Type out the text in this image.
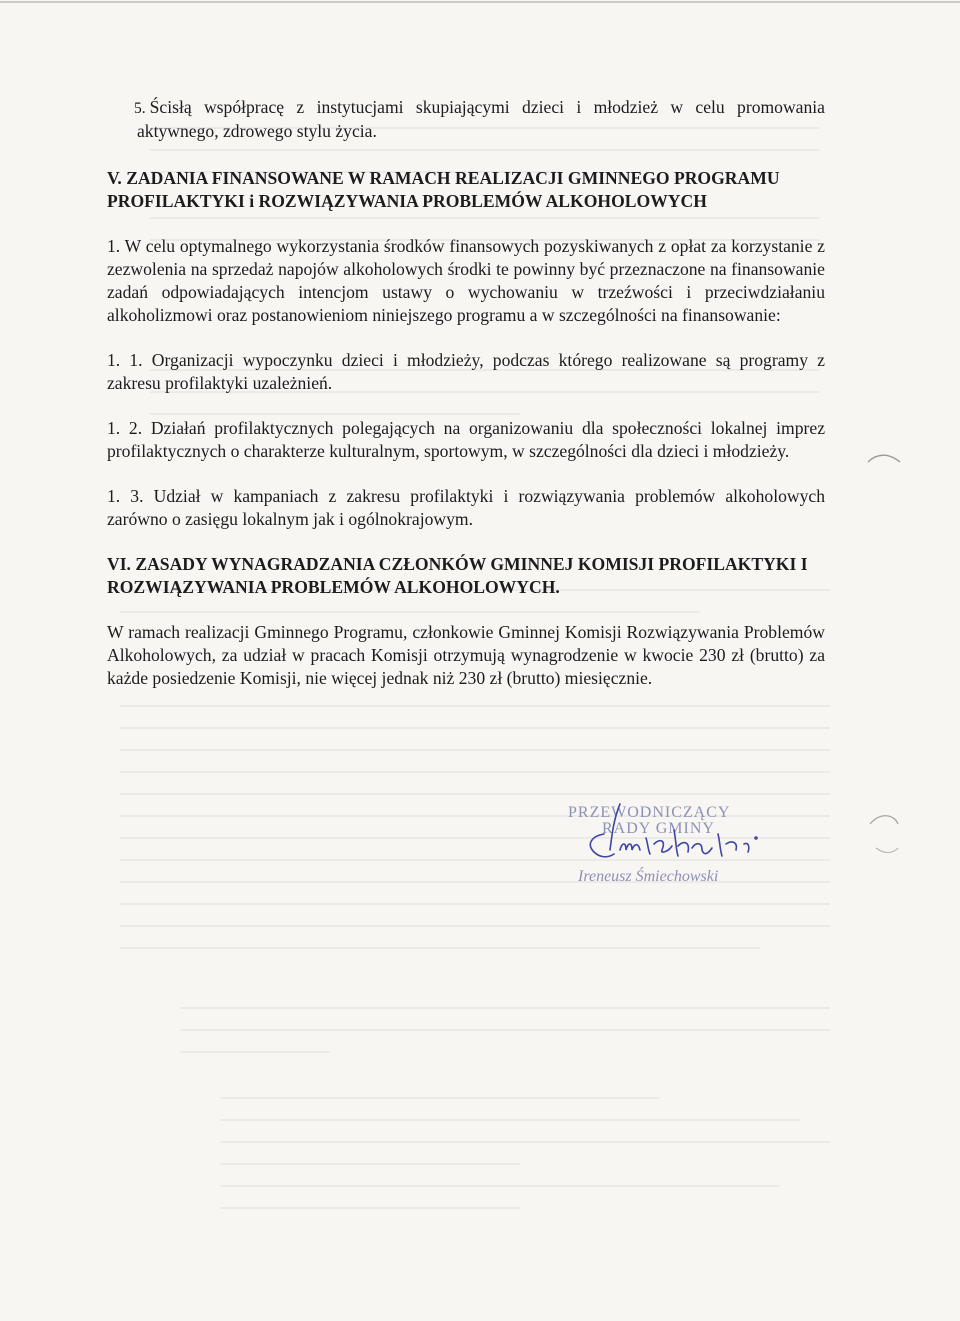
5. Ścisłą współpracę z instytucjami skupiającymi dzieci i młodzież w celu promowania aktywnego, zdrowego stylu życia.

V. ZADANIA FINANSOWANE W RAMACH REALIZACJI GMINNEGO PROGRAMU PROFILAKTYKI i ROZWIĄZYWANIA PROBLEMÓW ALKOHOLOWYCH

1. W celu optymalnego wykorzystania środków finansowych pozyskiwanych z opłat za korzystanie z zezwolenia na sprzedaż napojów alkoholowych środki te powinny być przeznaczone na finansowanie zadań odpowiadających intencjom ustawy o wychowaniu w trzeźwości i przeciwdziałaniu alkoholizmowi oraz postanowieniom niniejszego programu a w szczególności na finansowanie:

1. 1. Organizacji wypoczynku dzieci i młodzieży, podczas którego realizowane są programy z zakresu profilaktyki uzależnień.

1. 2. Działań profilaktycznych polegających na organizowaniu dla społeczności lokalnej imprez profilaktycznych o charakterze kulturalnym, sportowym, w szczególności dla dzieci i młodzieży.

1. 3. Udział w kampaniach z zakresu profilaktyki i rozwiązywania problemów alkoholowych zarówno o zasięgu lokalnym jak i ogólnokrajowym.

VI. ZASADY WYNAGRADZANIA CZŁONKÓW GMINNEJ KOMISJI PROFILAKTYKI I ROZWIĄZYWANIA PROBLEMÓW ALKOHOLOWYCH.

W ramach realizacji Gminnego Programu, członkowie Gminnej Komisji Rozwiązywania Problemów Alkoholowych, za udział w pracach Komisji otrzymują wynagrodzenie w kwocie 230 zł (brutto) za każde posiedzenie Komisji, nie więcej jednak niż 230 zł (brutto) miesięcznie.

PRZEWODNICZĄCY
RADY GMINY
Ireneusz Śmiechowski
